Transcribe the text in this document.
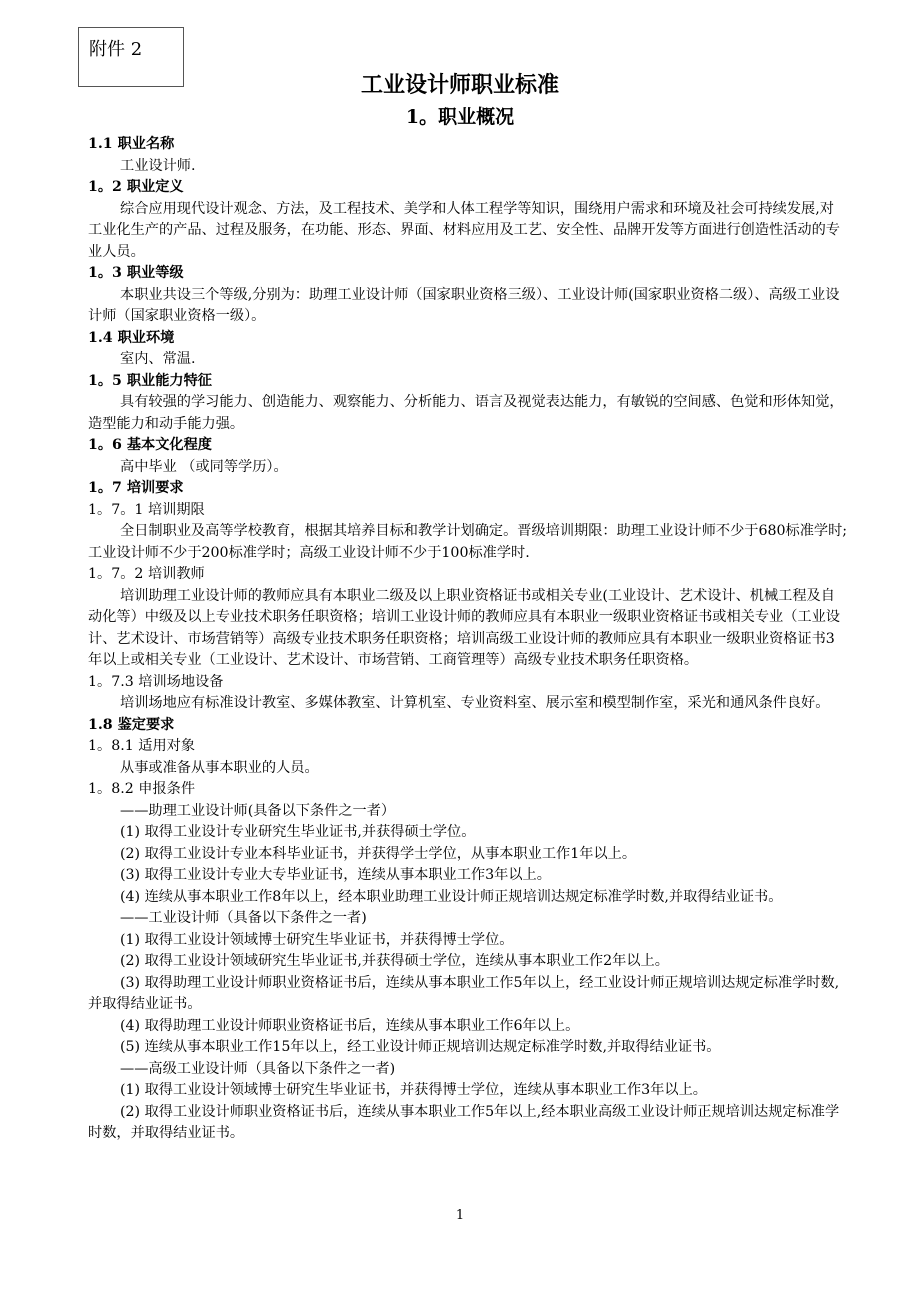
附件 2
工业设计师职业标准
1。职业概况

1.1 职业名称

工业设计师.

1。2 职业定义

综合应用现代设计观念、方法，及工程技术、美学和人体工程学等知识，围绕用户需求和环境及社会可持续发展,对工业化生产的产品、过程及服务，在功能、形态、界面、材料应用及工艺、安全性、品牌开发等方面进行创造性活动的专业人员。

1。3 职业等级

本职业共设三个等级,分别为：助理工业设计师（国家职业资格三级）、工业设计师(国家职业资格二级）、高级工业设计师（国家职业资格一级）。

1.4 职业环境

室内、常温.

1。5 职业能力特征

具有较强的学习能力、创造能力、观察能力、分析能力、语言及视觉表达能力，有敏锐的空间感、色觉和形体知觉，造型能力和动手能力强。

1。6 基本文化程度

高中毕业 （或同等学历）。

1。7 培训要求

1。7。1 培训期限

全日制职业及高等学校教育，根据其培养目标和教学计划确定。晋级培训期限：助理工业设计师不少于680标准学时;工业设计师不少于200标准学时；高级工业设计师不少于100标准学时.

1。7。2 培训教师

培训助理工业设计师的教师应具有本职业二级及以上职业资格证书或相关专业(工业设计、艺术设计、机械工程及自动化等）中级及以上专业技术职务任职资格；培训工业设计师的教师应具有本职业一级职业资格证书或相关专业（工业设计、艺术设计、市场营销等）高级专业技术职务任职资格；培训高级工业设计师的教师应具有本职业一级职业资格证书3年以上或相关专业（工业设计、艺术设计、市场营销、工商管理等）高级专业技术职务任职资格。

1。7.3 培训场地设备

培训场地应有标准设计教室、多媒体教室、计算机室、专业资料室、展示室和模型制作室，采光和通风条件良好。

1.8 鉴定要求

1。8.1 适用对象

从事或准备从事本职业的人员。

1。8.2 申报条件

——助理工业设计师(具备以下条件之一者）

(1) 取得工业设计专业研究生毕业证书,并获得硕士学位。

(2) 取得工业设计专业本科毕业证书，并获得学士学位，从事本职业工作1年以上。

(3) 取得工业设计专业大专毕业证书，连续从事本职业工作3年以上。

(4) 连续从事本职业工作8年以上，经本职业助理工业设计师正规培训达规定标准学时数,并取得结业证书。

——工业设计师（具备以下条件之一者)

(1) 取得工业设计领域博士研究生毕业证书，并获得博士学位。

(2) 取得工业设计领域研究生毕业证书,并获得硕士学位，连续从事本职业工作2年以上。

(3) 取得助理工业设计师职业资格证书后，连续从事本职业工作5年以上，经工业设计师正规培训达规定标准学时数,并取得结业证书。

(4) 取得助理工业设计师职业资格证书后，连续从事本职业工作6年以上。

(5) 连续从事本职业工作15年以上，经工业设计师正规培训达规定标准学时数,并取得结业证书。

——高级工业设计师（具备以下条件之一者)

(1) 取得工业设计领域博士研究生毕业证书，并获得博士学位，连续从事本职业工作3年以上。

(2) 取得工业设计师职业资格证书后，连续从事本职业工作5年以上,经本职业高级工业设计师正规培训达规定标准学时数，并取得结业证书。

1
